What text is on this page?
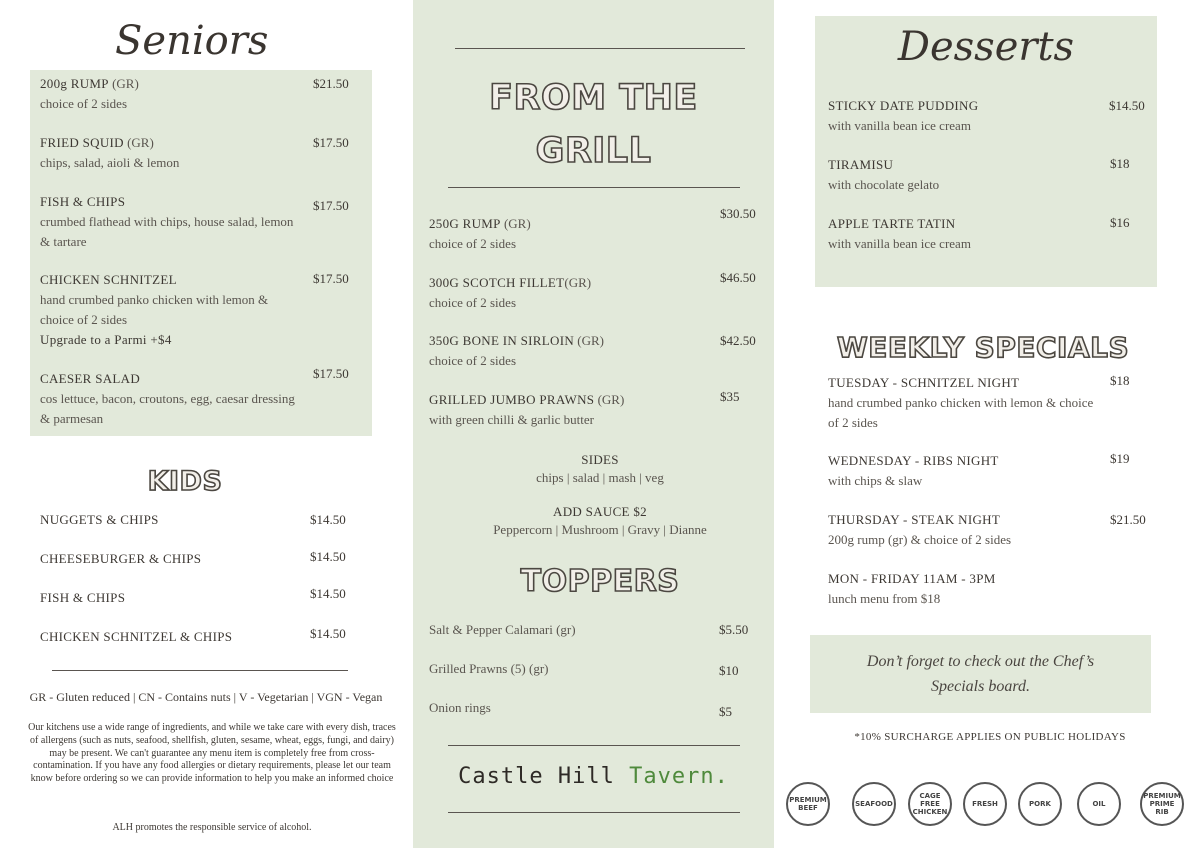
Seniors
200g RUMP (GR)
choice of 2 sides
$21.50
FRIED SQUID (GR)
chips, salad, aioli & lemon
$17.50
FISH & CHIPS
crumbed flathead with chips, house salad, lemon & tartare
$17.50
CHICKEN SCHNITZEL
hand crumbed panko chicken with lemon & choice of 2 sides
Upgrade to a Parmi +$4
$17.50
CAESER SALAD
cos lettuce, bacon, croutons, egg, caesar dressing & parmesan
$17.50
KIDS
NUGGETS & CHIPS	$14.50
CHEESEBURGER & CHIPS	$14.50
FISH & CHIPS	$14.50
CHICKEN SCHNITZEL & CHIPS	$14.50
GR - Gluten reduced | CN - Contains nuts | V - Vegetarian | VGN - Vegan
Our kitchens use a wide range of ingredients, and while we take care with every dish, traces of allergens (such as nuts, seafood, shellfish, gluten, sesame, wheat, eggs, fungi, and dairy) may be present. We can't guarantee any menu item is completely free from cross-contamination. If you have any food allergies or dietary requirements, please let our team know before ordering so we can provide information to help you make an informed choice
ALH promotes the responsible service of alcohol.
FROM THE
GRILL
250G RUMP (GR)
choice of 2 sides
$30.50
300G SCOTCH FILLET(GR)
choice of 2 sides
$46.50
350G BONE IN SIRLOIN (GR)
choice of 2 sides
$42.50
GRILLED JUMBO PRAWNS (GR)
with green chilli & garlic butter
$35
SIDES
chips | salad | mash | veg
ADD SAUCE $2
Peppercorn | Mushroom | Gravy | Dianne
TOPPERS
Salt & Pepper Calamari (gr)	$5.50
Grilled Prawns (5) (gr)	$10
Onion rings	$5
Castle Hill Tavern.
Desserts
STICKY DATE PUDDING
with vanilla bean ice cream
$14.50
TIRAMISU
with chocolate gelato
$18
APPLE TARTE TATIN
with vanilla bean ice cream
$16
WEEKLY SPECIALS
TUESDAY - SCHNITZEL NIGHT
hand crumbed panko chicken with lemon & choice of 2 sides
$18
WEDNESDAY - RIBS NIGHT
with chips & slaw
$19
THURSDAY - STEAK NIGHT
200g rump (gr) & choice of 2 sides
$21.50
MON - FRIDAY 11AM - 3PM
lunch menu from $18
Don’t forget to check out the Chef’s Specials board.
*10% SURCHARGE APPLIES ON PUBLIC HOLIDAYS
PREMIUM BEEF	SEAFOOD
CAGE FREE CHICKEN
FRESH	PORK	OIL
PREMIUM PRIME RIB
